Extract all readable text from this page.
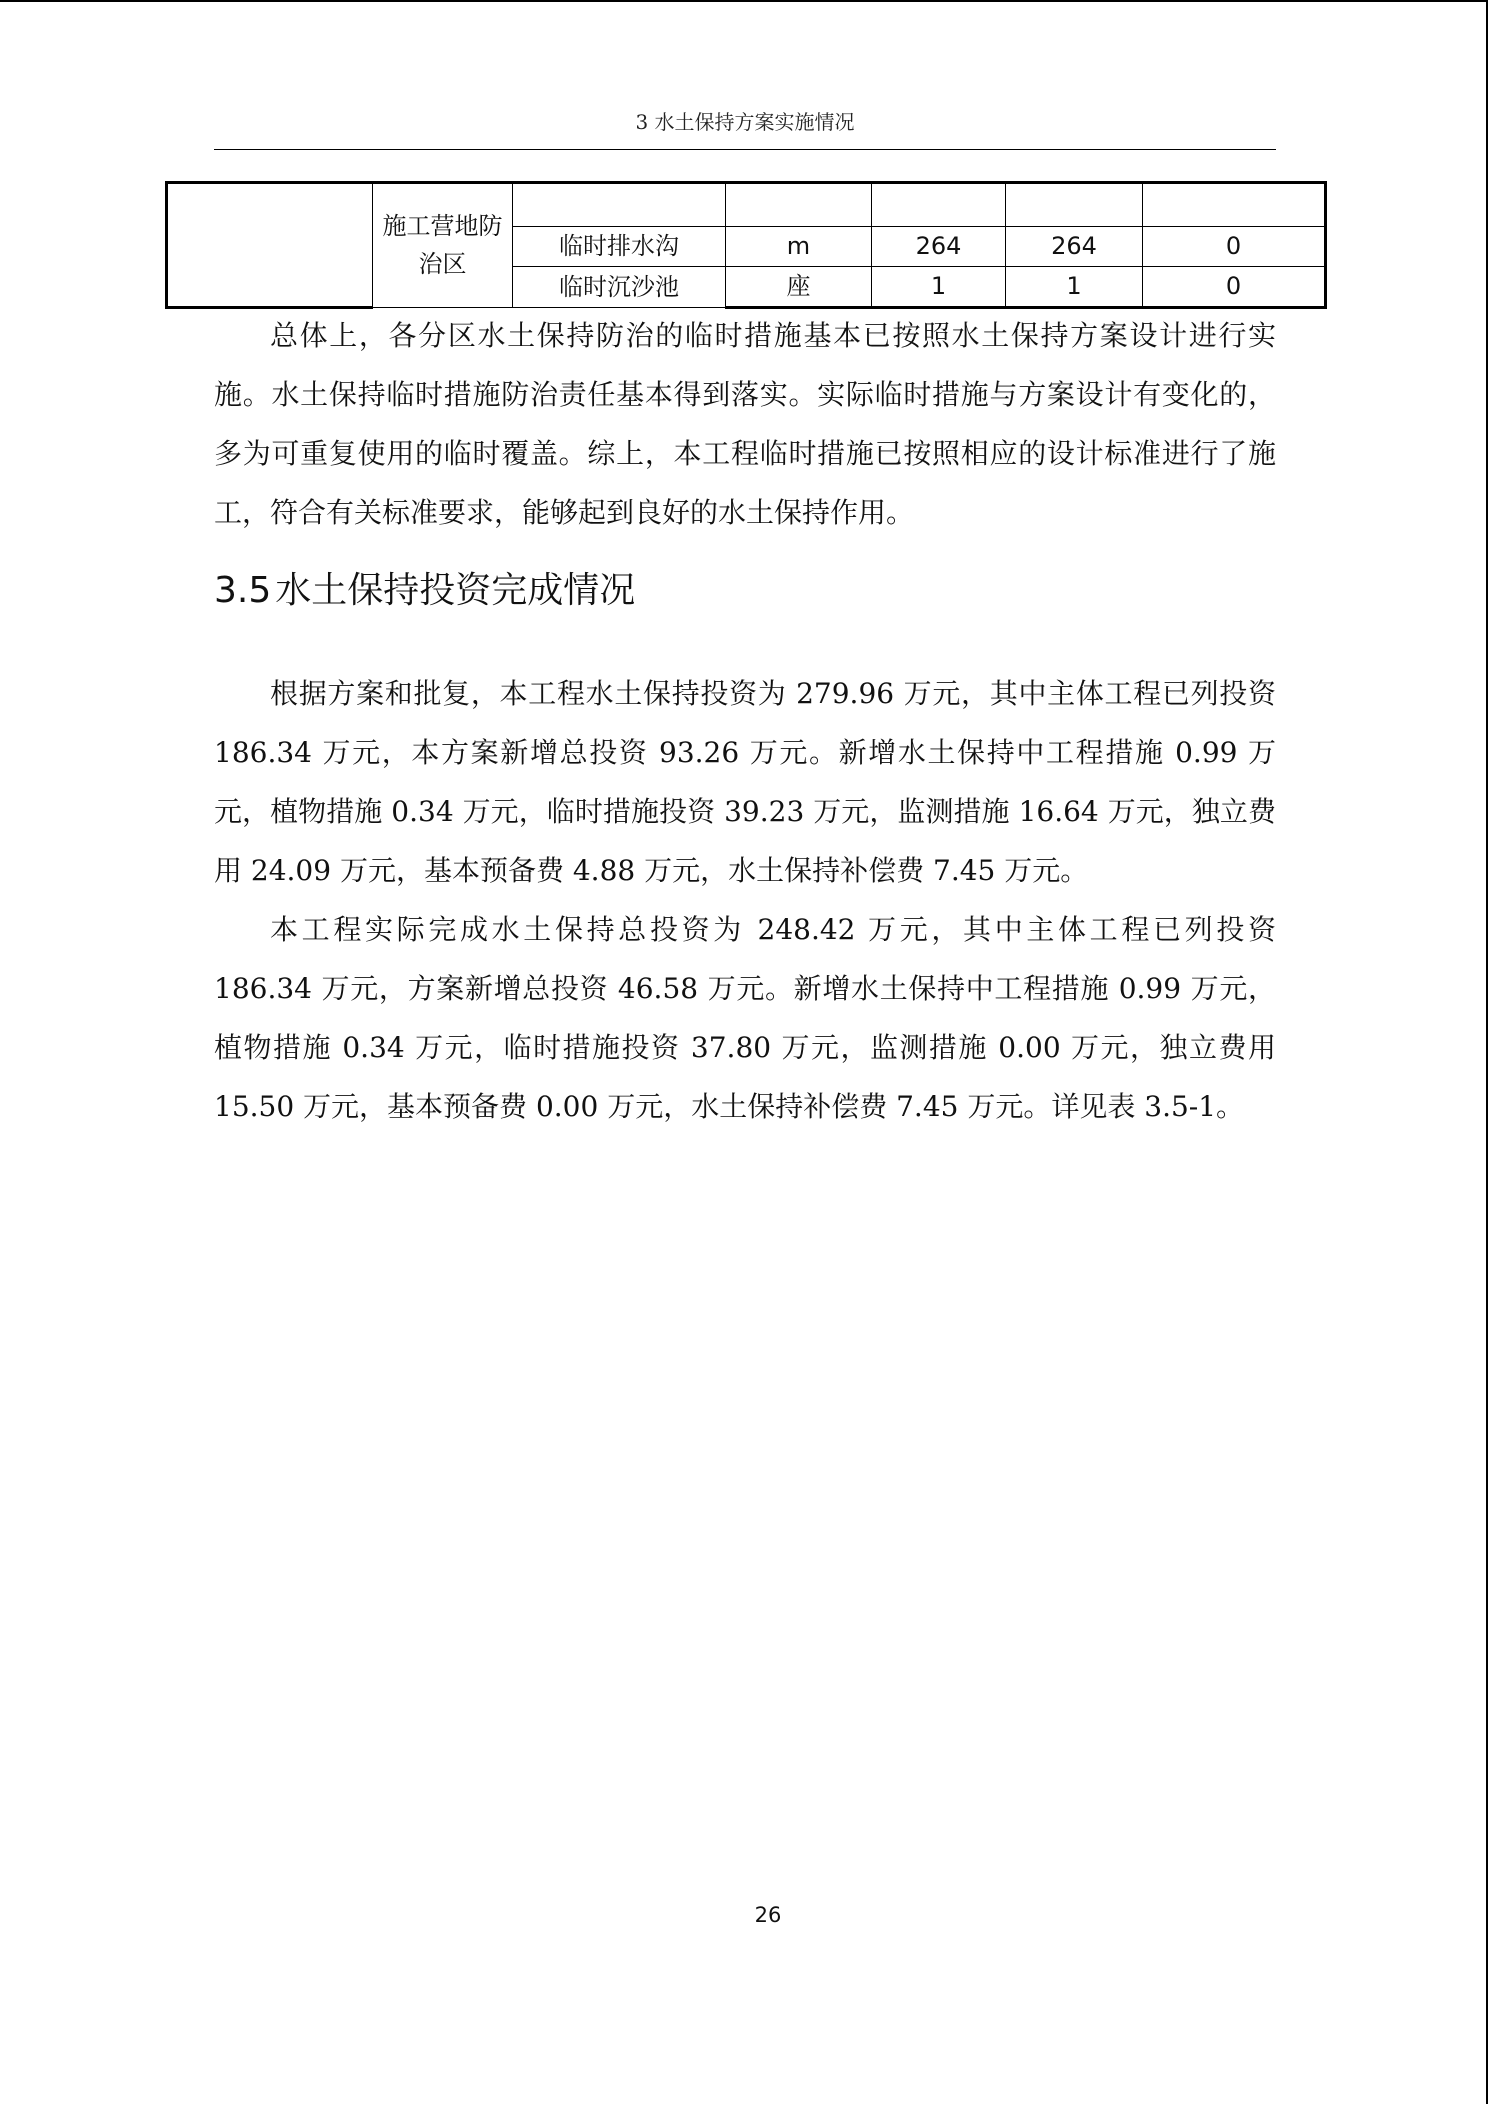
3 水土保持方案实施情况
	施工营地防治区					
		临时排水沟	m	264	264	0
		临时沉沙池	座	1	1	0

总体上，各分区水土保持防治的临时措施基本已按照水土保持方案设计进行实施。水土保持临时措施防治责任基本得到落实。实际临时措施与方案设计有变化的，多为可重复使用的临时覆盖。综上，本工程临时措施已按照相应的设计标准进行了施工，符合有关标准要求，能够起到良好的水土保持作用。

3.5 水土保持投资完成情况

根据方案和批复，本工程水土保持投资为 279.96 万元，其中主体工程已列投资 186.34 万元，本方案新增总投资 93.26 万元。新增水土保持中工程措施 0.99 万元，植物措施 0.34 万元，临时措施投资 39.23 万元，监测措施 16.64 万元，独立费用 24.09 万元，基本预备费 4.88 万元，水土保持补偿费 7.45 万元。

本工程实际完成水土保持总投资为 248.42 万元，其中主体工程已列投资 186.34 万元，方案新增总投资 46.58 万元。新增水土保持中工程措施 0.99 万元，植物措施 0.34 万元，临时措施投资 37.80 万元，监测措施 0.00 万元，独立费用 15.50 万元，基本预备费 0.00 万元，水土保持补偿费 7.45 万元。详见表 3.5-1。

26
